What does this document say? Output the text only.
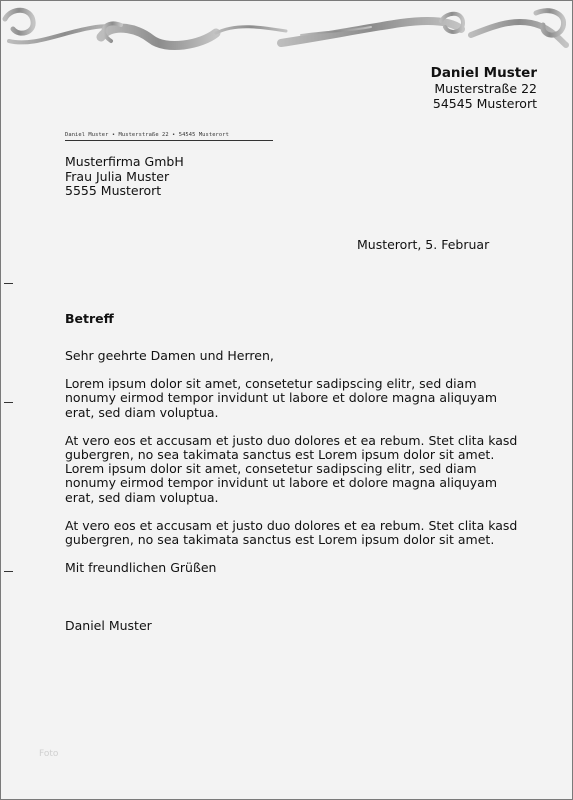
Daniel Muster
Musterstraße 22
54545 Musterort
Daniel Muster • Musterstraße 22 • 54545 Musterort
Musterfirma GmbH
Frau Julia Muster
5555 Musterort
Musterort, 5. Februar
Betreff

Sehr geehrte Damen und Herren,

Lorem ipsum dolor sit amet, consetetur sadipscing elitr, sed diam nonumy eirmod tempor invidunt ut labore et dolore magna aliquyam erat, sed diam voluptua.

At vero eos et accusam et justo duo dolores et ea rebum. Stet clita kasd gubergren, no sea takimata sanctus est Lorem ipsum dolor sit amet. Lorem ipsum dolor sit amet, consetetur sadipscing elitr, sed diam nonumy eirmod tempor invidunt ut labore et dolore magna aliquyam erat, sed diam voluptua.

At vero eos et accusam et justo duo dolores et ea rebum. Stet clita kasd gubergren, no sea takimata sanctus est Lorem ipsum dolor sit amet.

Mit freundlichen Grüßen

Daniel Muster
Foto
